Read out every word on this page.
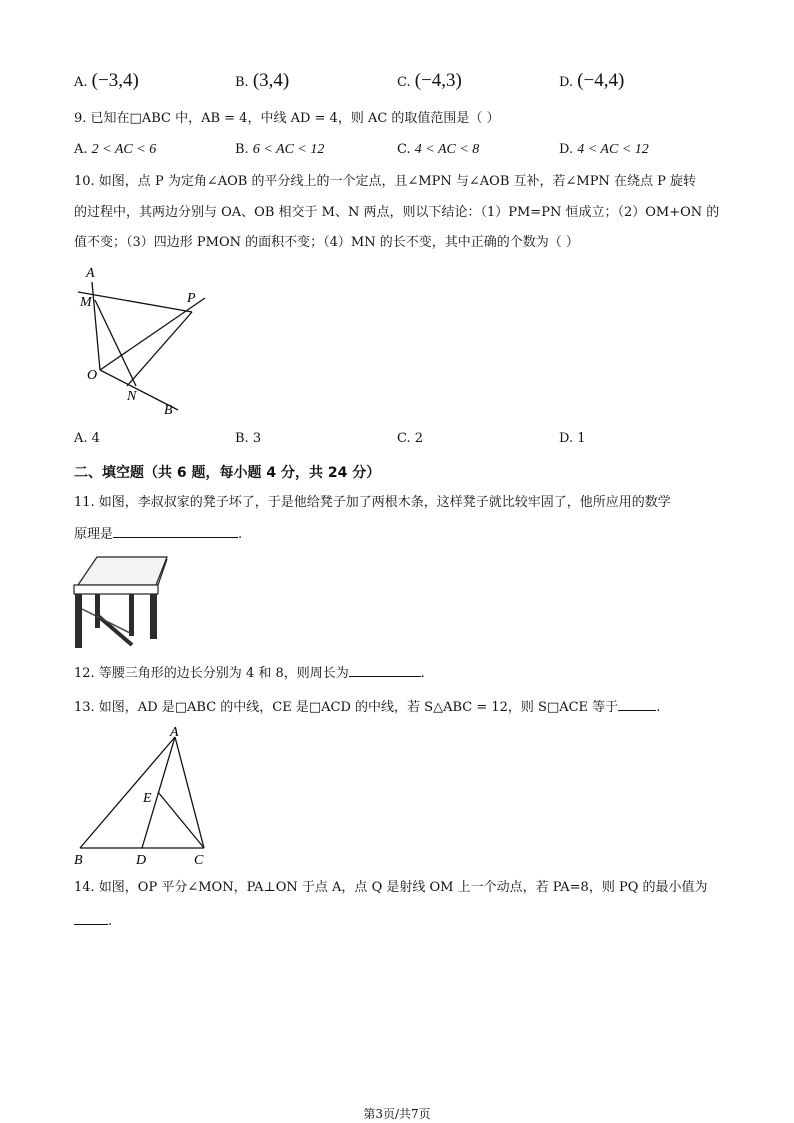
A. (−3,4)	B. (3,4)	C. (−4,3)	D. (−4,4)
9. 已知在□ABC 中，AB = 4，中线 AD = 4，则 AC 的取值范围是（ ）
A. 2 < AC < 6	B. 6 < AC < 12	C. 4 < AC < 8	D. 4 < AC < 12
10. 如图，点 P 为定角∠AOB 的平分线上的一个定点，且∠MPN 与∠AOB 互补，若∠MPN 在绕点 P 旋转
的过程中，其两边分别与 OA、OB 相交于 M、N 两点，则以下结论：（1）PM=PN 恒成立；（2）OM+ON 的
值不变；（3）四边形 PMON 的面积不变；（4）MN 的长不变，其中正确的个数为（ ）
A
M	P
O
N
B
A. 4	B. 3	C. 2	D. 1
二、填空题（共 6 题，每小题 4 分，共 24 分）
11. 如图，李叔叔家的凳子坏了，于是他给凳子加了两根木条，这样凳子就比较牢固了，他所应用的数学
原理是	.
12. 等腰三角形的边长分别为 4 和 8，则周长为	.
13. 如图，AD 是□ABC 的中线，CE 是□ACD 的中线，若 S△ABC = 12，则 S□ACE 等于	.
A
E
B	D	C
14. 如图，OP 平分∠MON，PA⊥ON 于点 A，点 Q 是射线 OM 上一个动点，若 PA=8，则 PQ 的最小值为
.
第3页/共7页
